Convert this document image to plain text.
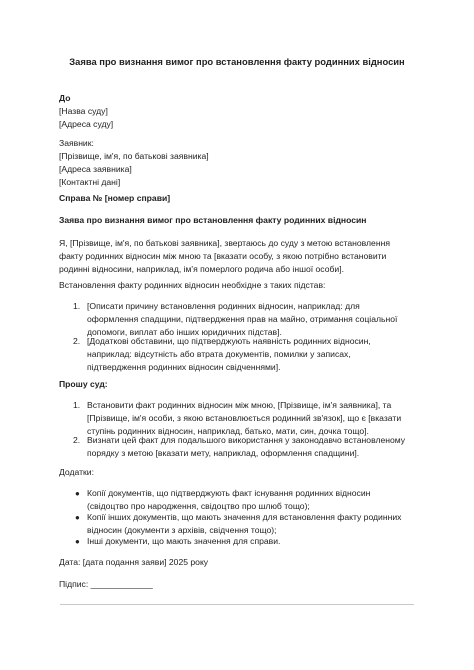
Заява про визнання вимог про встановлення факту родинних відносин
До
[Назва суду]
[Адреса суду]
Заявник:
[Прізвище, ім'я, по батькові заявника]
[Адреса заявника]
[Контактні дані]
Справа № [номер справи]
Заява про визнання вимог про встановлення факту родинних відносин
Я, [Прізвище, ім'я, по батькові заявника], звертаюсь до суду з метою встановлення
факту родинних відносин між мною та [вказати особу, з якою потрібно встановити
родинні відносини, наприклад, ім'я померлого родича або іншої особи].
Встановлення факту родинних відносин необхідне з таких підстав:
1. [Описати причину встановлення родинних відносин, наприклад: для
оформлення спадщини, підтвердження прав на майно, отримання соціальної
допомоги, виплат або інших юридичних підстав].
2. [Додаткові обставини, що підтверджують наявність родинних відносин,
наприклад: відсутність або втрата документів, помилки у записах,
підтвердження родинних відносин свідченнями].
Прошу суд:
1. Встановити факт родинних відносин між мною, [Прізвище, ім'я заявника], та
[Прізвище, ім'я особи, з якою встановлюється родинний зв'язок], що є [вказати
ступінь родинних відносин, наприклад, батько, мати, син, дочка тощо].
2. Визнати цей факт для подальшого використання у законодавчо встановленому
порядку з метою [вказати мету, наприклад, оформлення спадщини].
Додатки:
● Копії документів, що підтверджують факт існування родинних відносин
(свідоцтво про народження, свідоцтво про шлюб тощо);
● Копії інших документів, що мають значення для встановлення факту родинних
відносин (документи з архівів, свідчення тощо);
● Інші документи, що мають значення для справи.
Дата: [дата подання заяви] 2025 року
Підпис: _____________
